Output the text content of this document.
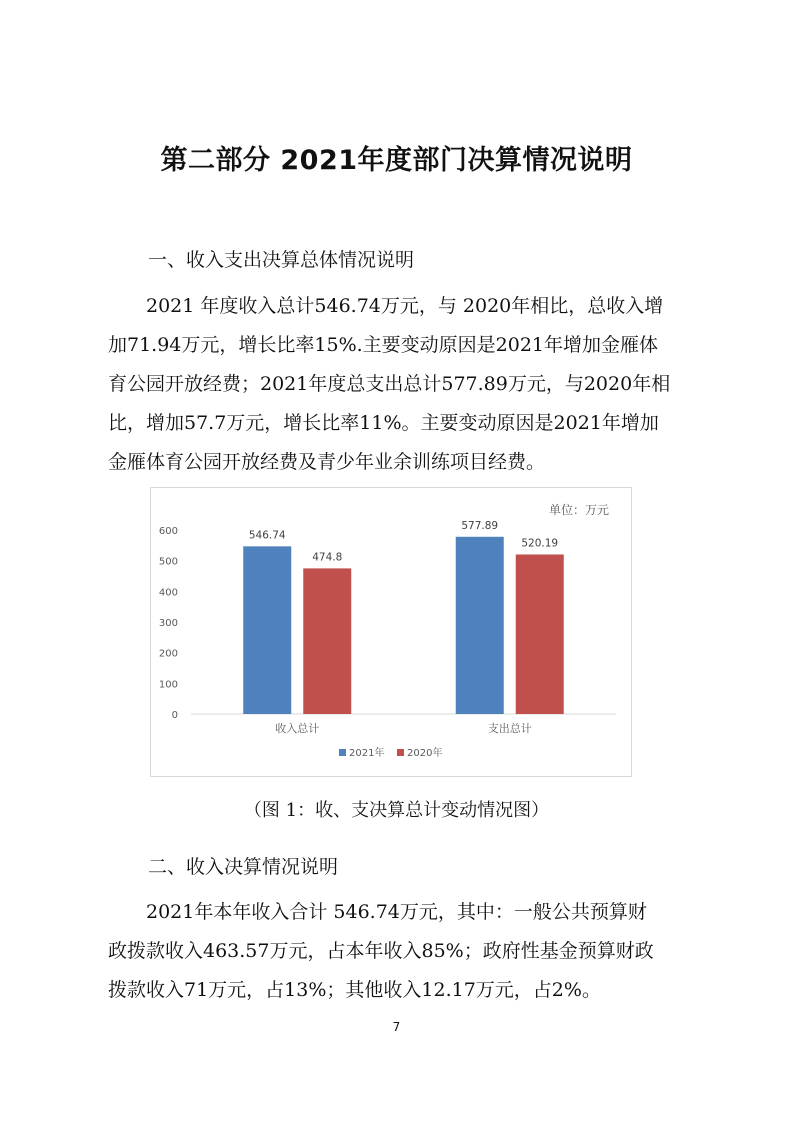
第二部分 2021年度部门决算情况说明
一、收入支出决算总体情况说明
2021 年度收入总计546.74万元，与 2020年相比，总收入增
加71.94万元，增长比率15%.主要变动原因是2021年增加金雁体
育公园开放经费；2021年度总支出总计577.89万元，与2020年相
比，增加57.7万元，增长比率11%。主要变动原因是2021年增加
金雁体育公园开放经费及青少年业余训练项目经费。
单位：万元
0
100
200
300
400
500
600	546.74
474.8
收入总计
577.89
520.19
支出总计
2021年 2020年
（图 1：收、支决算总计变动情况图）
二、收入决算情况说明
2021年本年收入合计 546.74万元，其中：一般公共预算财
政拨款收入463.57万元，占本年收入85%；政府性基金预算财政
拨款收入71万元，占13%；其他收入12.17万元，占2%。
7
